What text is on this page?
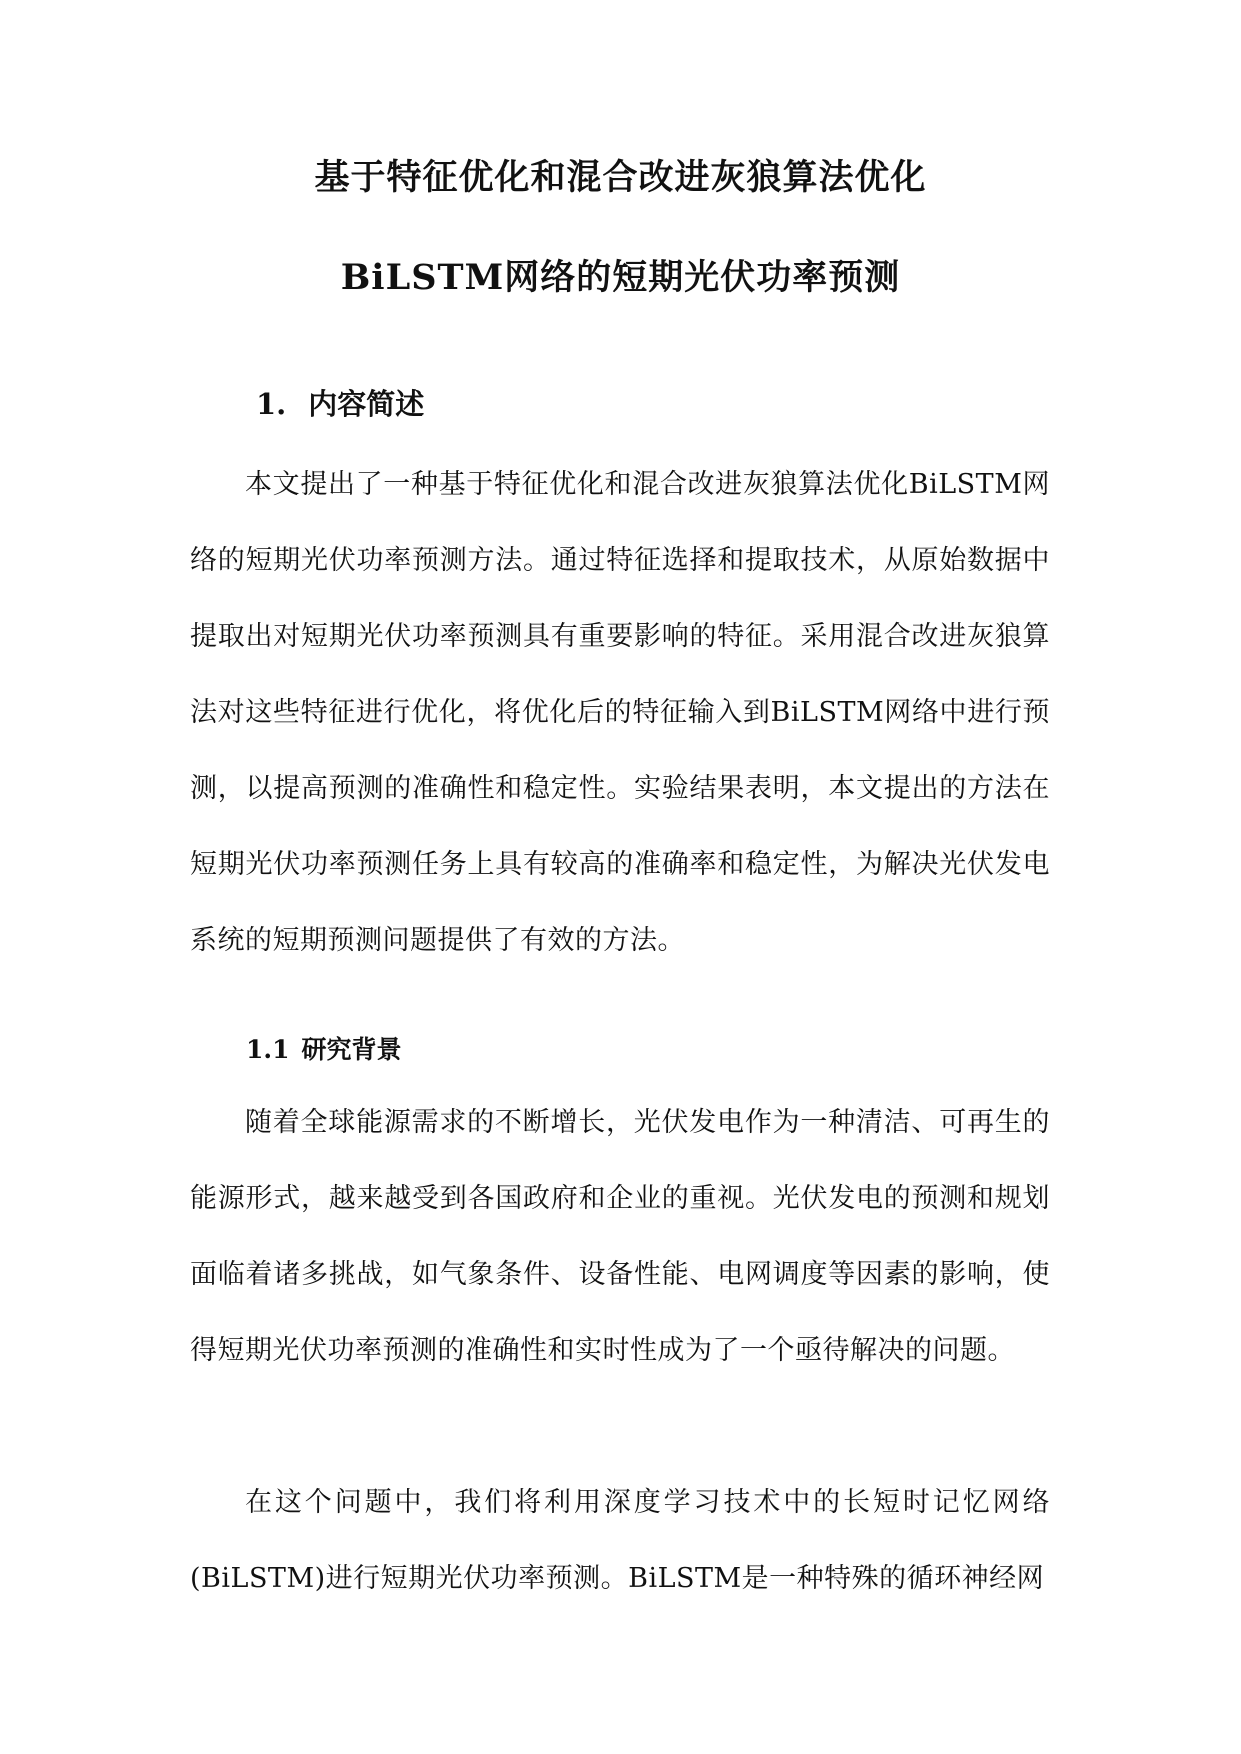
基于特征优化和混合改进灰狼算法优化
BiLSTM网络的短期光伏功率预测
1. 内容简述
本文提出了一种基于特征优化和混合改进灰狼算法优化BiLSTM网络的短期光伏功率预测方法。通过特征选择和提取技术，从原始数据中提取出对短期光伏功率预测具有重要影响的特征。采用混合改进灰狼算法对这些特征进行优化，将优化后的特征输入到BiLSTM网络中进行预测，以提高预测的准确性和稳定性。实验结果表明，本文提出的方法在短期光伏功率预测任务上具有较高的准确率和稳定性，为解决光伏发电系统的短期预测问题提供了有效的方法。
1.1 研究背景
随着全球能源需求的不断增长，光伏发电作为一种清洁、可再生的能源形式，越来越受到各国政府和企业的重视。光伏发电的预测和规划面临着诸多挑战，如气象条件、设备性能、电网调度等因素的影响，使得短期光伏功率预测的准确性和实时性成为了一个亟待解决的问题。
在这个问题中，我们将利用深度学习技术中的长短时记忆网络(BiLSTM)进行短期光伏功率预测。BiLSTM是一种特殊的循环神经网
